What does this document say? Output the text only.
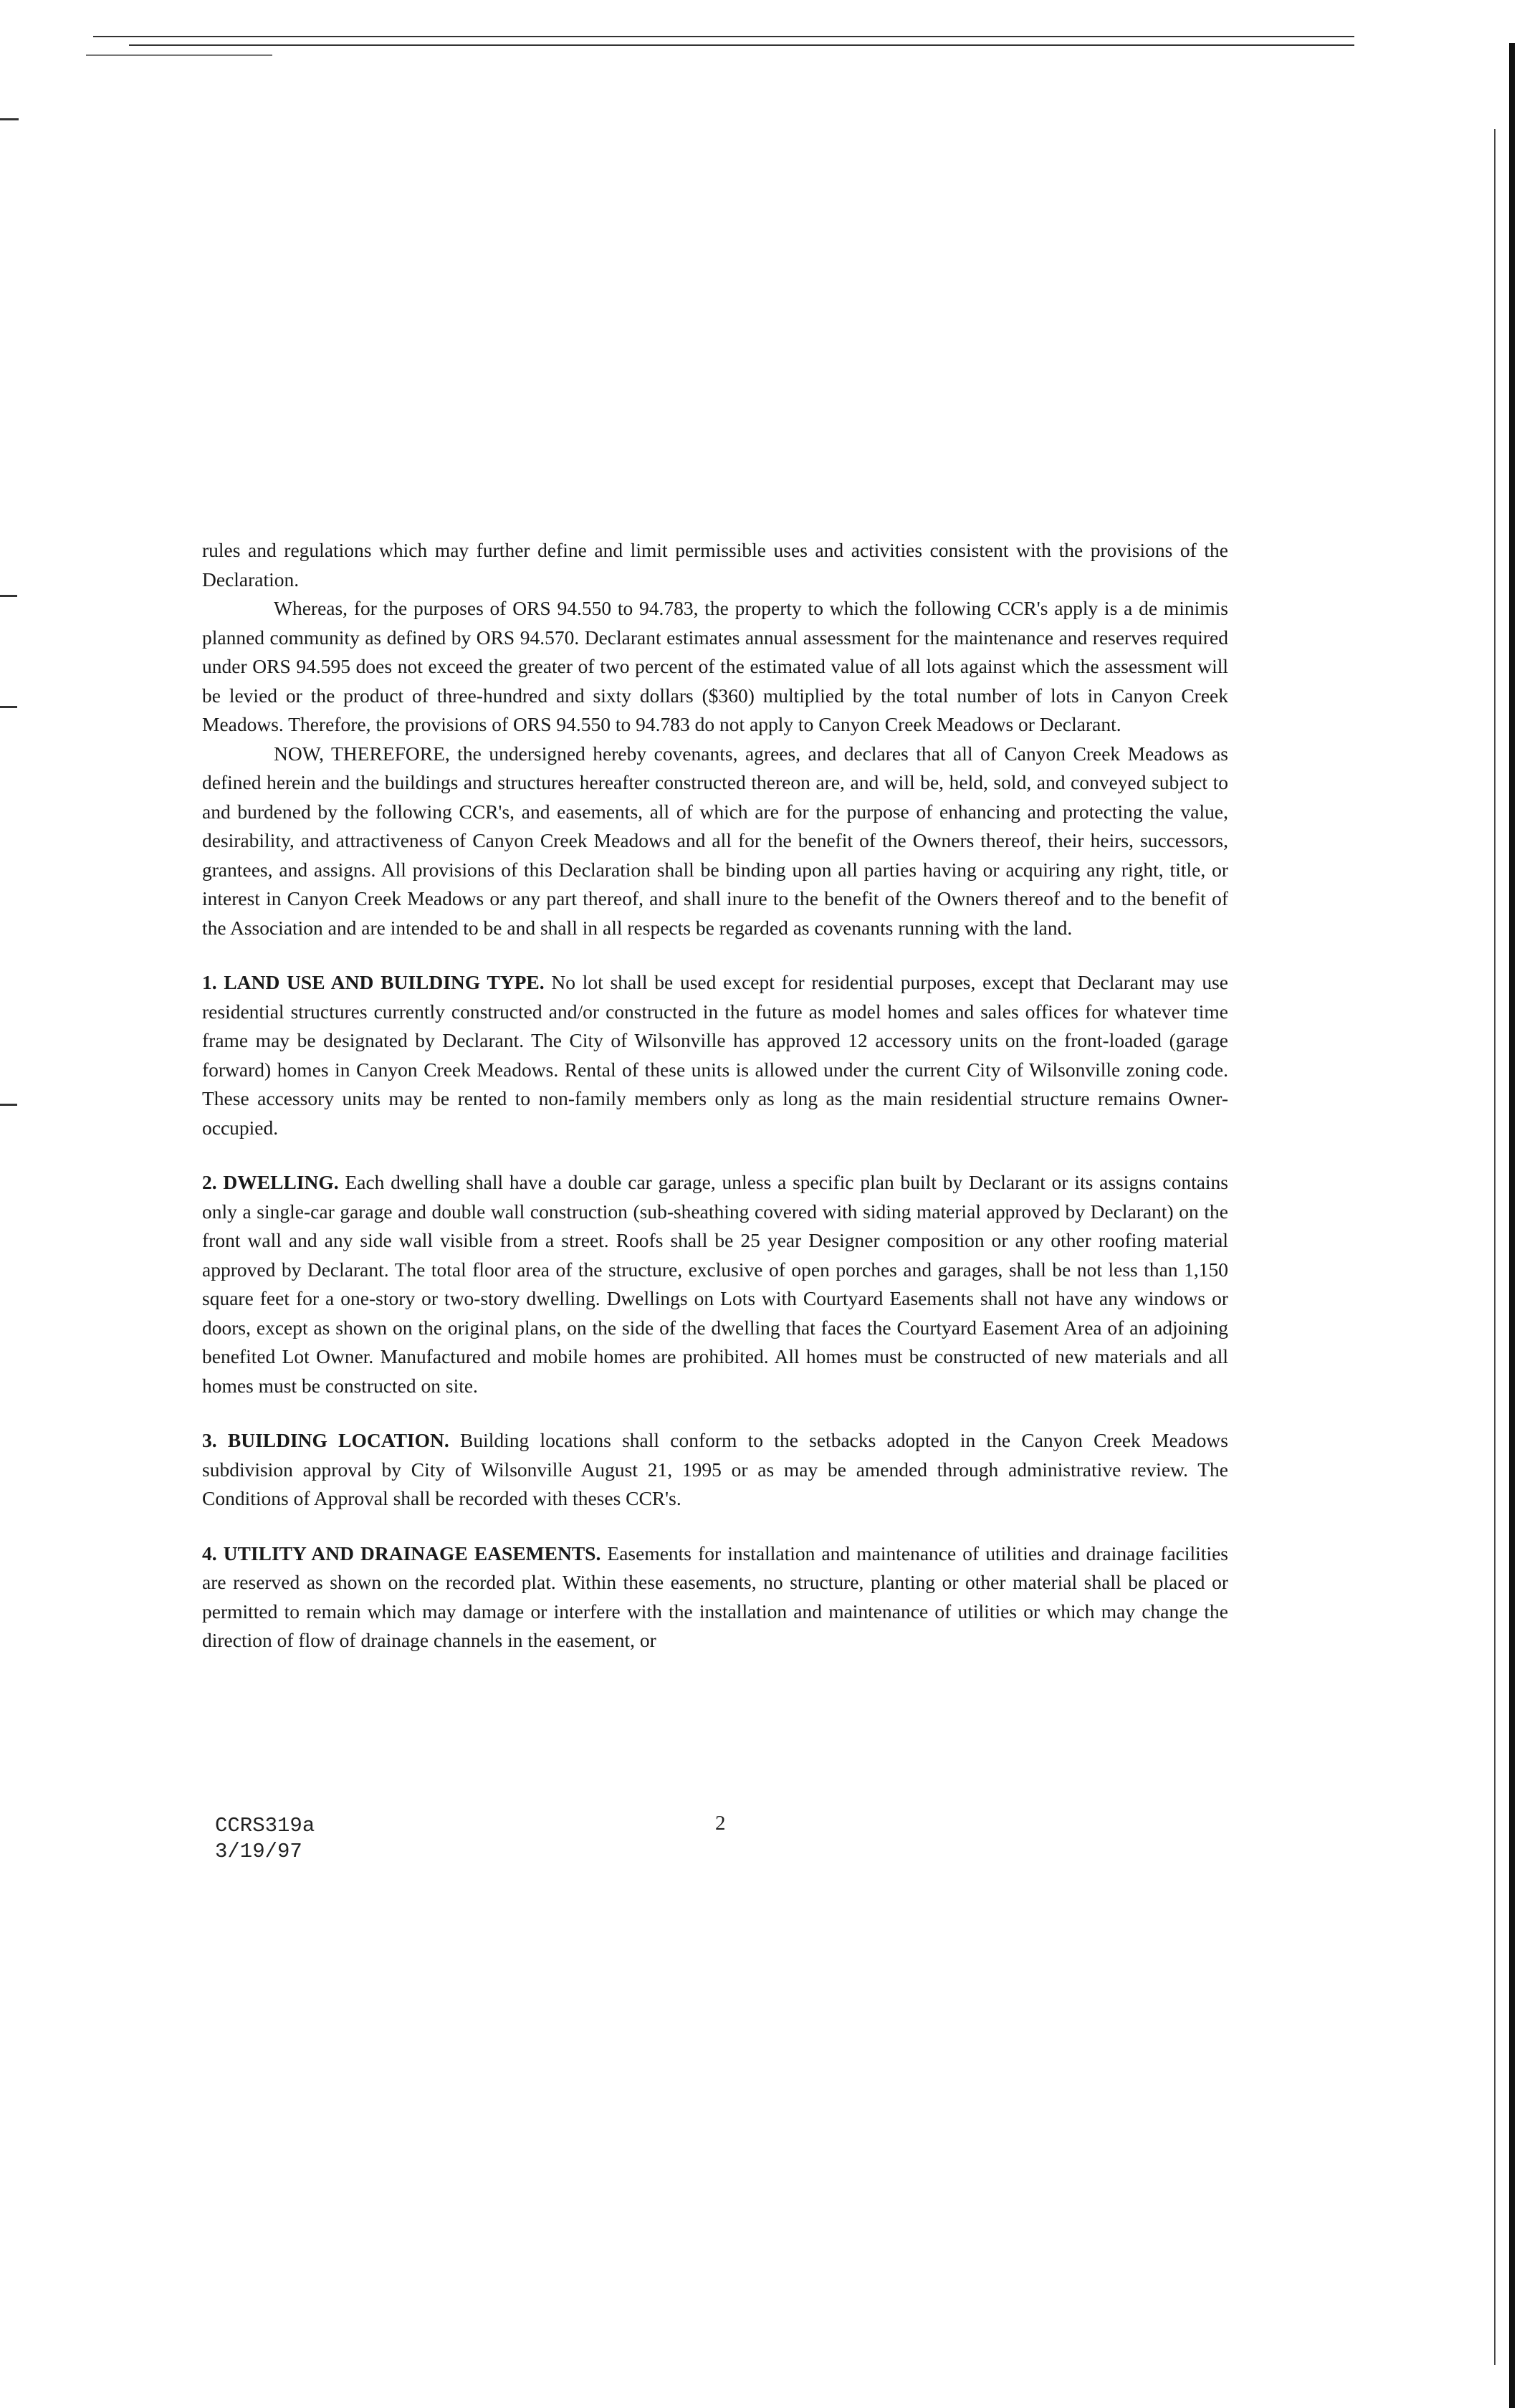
rules and regulations which may further define and limit permissible uses and activities consistent with the provisions of the Declaration.

Whereas, for the purposes of ORS 94.550 to 94.783, the property to which the following CCR's apply is a de minimis planned community as defined by ORS 94.570. Declarant estimates annual assessment for the maintenance and reserves required under ORS 94.595 does not exceed the greater of two percent of the estimated value of all lots against which the assessment will be levied or the product of three-hundred and sixty dollars ($360) multiplied by the total number of lots in Canyon Creek Meadows. Therefore, the provisions of ORS 94.550 to 94.783 do not apply to Canyon Creek Meadows or Declarant.

NOW, THEREFORE, the undersigned hereby covenants, agrees, and declares that all of Canyon Creek Meadows as defined herein and the buildings and structures hereafter constructed thereon are, and will be, held, sold, and conveyed subject to and burdened by the following CCR's, and easements, all of which are for the purpose of enhancing and protecting the value, desirability, and attractiveness of Canyon Creek Meadows and all for the benefit of the Owners thereof, their heirs, successors, grantees, and assigns. All provisions of this Declaration shall be binding upon all parties having or acquiring any right, title, or interest in Canyon Creek Meadows or any part thereof, and shall inure to the benefit of the Owners thereof and to the benefit of the Association and are intended to be and shall in all respects be regarded as covenants running with the land.

1. LAND USE AND BUILDING TYPE. No lot shall be used except for residential purposes, except that Declarant may use residential structures currently constructed and/or constructed in the future as model homes and sales offices for whatever time frame may be designated by Declarant. The City of Wilsonville has approved 12 accessory units on the front-loaded (garage forward) homes in Canyon Creek Meadows. Rental of these units is allowed under the current City of Wilsonville zoning code. These accessory units may be rented to non-family members only as long as the main residential structure remains Owner-occupied.

2. DWELLING. Each dwelling shall have a double car garage, unless a specific plan built by Declarant or its assigns contains only a single-car garage and double wall construction (sub-sheathing covered with siding material approved by Declarant) on the front wall and any side wall visible from a street. Roofs shall be 25 year Designer composition or any other roofing material approved by Declarant. The total floor area of the structure, exclusive of open porches and garages, shall be not less than 1,150 square feet for a one-story or two-story dwelling. Dwellings on Lots with Courtyard Easements shall not have any windows or doors, except as shown on the original plans, on the side of the dwelling that faces the Courtyard Easement Area of an adjoining benefited Lot Owner. Manufactured and mobile homes are prohibited. All homes must be constructed of new materials and all homes must be constructed on site.

3. BUILDING LOCATION. Building locations shall conform to the setbacks adopted in the Canyon Creek Meadows subdivision approval by City of Wilsonville August 21, 1995 or as may be amended through administrative review. The Conditions of Approval shall be recorded with theses CCR's.

4. UTILITY AND DRAINAGE EASEMENTS. Easements for installation and maintenance of utilities and drainage facilities are reserved as shown on the recorded plat. Within these easements, no structure, planting or other material shall be placed or permitted to remain which may damage or interfere with the installation and maintenance of utilities or which may change the direction of flow of drainage channels in the easement, or

CCRS319a
3/19/97
2
